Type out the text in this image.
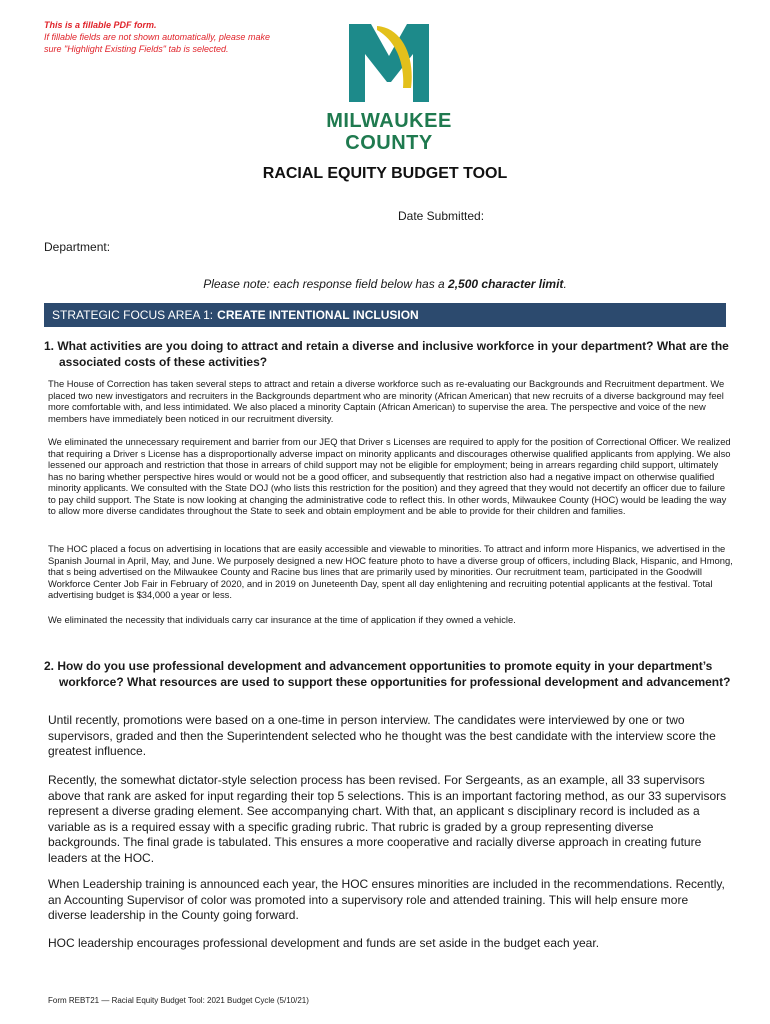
This is a fillable PDF form.
If fillable fields are not shown automatically, please make sure "Highlight Existing Fields" tab is selected.
MILWAUKEE
COUNTY
RACIAL EQUITY BUDGET TOOL
Date Submitted:
Department:
Please note: each response field below has a 2,500 character limit.
STRATEGIC FOCUS AREA 1: CREATE INTENTIONAL INCLUSION
1. What activities are you doing to attract and retain a diverse and inclusive workforce in your department? What are the associated costs of these activities?

The House of Correction has taken several steps to attract and retain a diverse workforce such as re-evaluating our Backgrounds and Recruitment department. We placed two new investigators and recruiters in the Backgrounds department who are minority (African American) that new recruits of a diverse background may feel more comfortable with, and less intimidated. We also placed a minority Captain (African American) to supervise the area. The perspective and voice of the new members have immediately been noticed in our recruitment diversity.

We eliminated the unnecessary requirement and barrier from our JEQ that Driver s Licenses are required to apply for the position of Correctional Officer. We realized that requiring a Driver s License has a disproportionally adverse impact on minority applicants and discourages otherwise qualified applicants from applying. We also lessened our approach and restriction that those in arrears of child support may not be eligible for employment; being in arrears regarding child support, ultimately has no baring whether perspective hires would or would not be a good officer, and subsequently that restriction also had a negative impact on otherwise qualified minority applicants. We consulted with the State DOJ (who lists this restriction for the position) and they agreed that they would not decertify an officer due to failure to pay child support. The State is now looking at changing the administrative code to reflect this. In other words, Milwaukee County (HOC) would be leading the way to allow more diverse candidates throughout the State to seek and obtain employment and be able to provide for their children and families.

The HOC placed a focus on advertising in locations that are easily accessible and viewable to minorities. To attract and inform more Hispanics, we advertised in the Spanish Journal in April, May, and June. We purposely designed a new HOC feature photo to have a diverse group of officers, including Black, Hispanic, and Hmong, that s being advertised on the Milwaukee County and Racine bus lines that are primarily used by minorities. Our recruitment team, participated in the Goodwill Workforce Center Job Fair in February of 2020, and in 2019 on Juneteenth Day, spent all day enlightening and recruiting potential applicants at the festival. Total advertising budget is $34,000 a year or less.

We eliminated the necessity that individuals carry car insurance at the time of application if they owned a vehicle.

2. How do you use professional development and advancement opportunities to promote equity in your department’s workforce? What resources are used to support these opportunities for professional development and advancement?

Until recently, promotions were based on a one-time in person interview. The candidates were interviewed by one or two supervisors, graded and then the Superintendent selected who he thought was the best candidate with the interview score the greatest influence.

Recently, the somewhat dictator-style selection process has been revised. For Sergeants, as an example, all 33 supervisors above that rank are asked for input regarding their top 5 selections. This is an important factoring method, as our 33 supervisors represent a diverse grading element. See accompanying chart. With that, an applicant s disciplinary record is included as a variable as is a required essay with a specific grading rubric. That rubric is graded by a group representing diverse backgrounds. The final grade is tabulated. This ensures a more cooperative and racially diverse approach in creating future leaders at the HOC.

When Leadership training is announced each year, the HOC ensures minorities are included in the recommendations. Recently, an Accounting Supervisor of color was promoted into a supervisory role and attended training. This will help ensure more diverse leadership in the County going forward.

HOC leadership encourages professional development and funds are set aside in the budget each year.

Form REBT21 — Racial Equity Budget Tool: 2021 Budget Cycle (5/10/21)
